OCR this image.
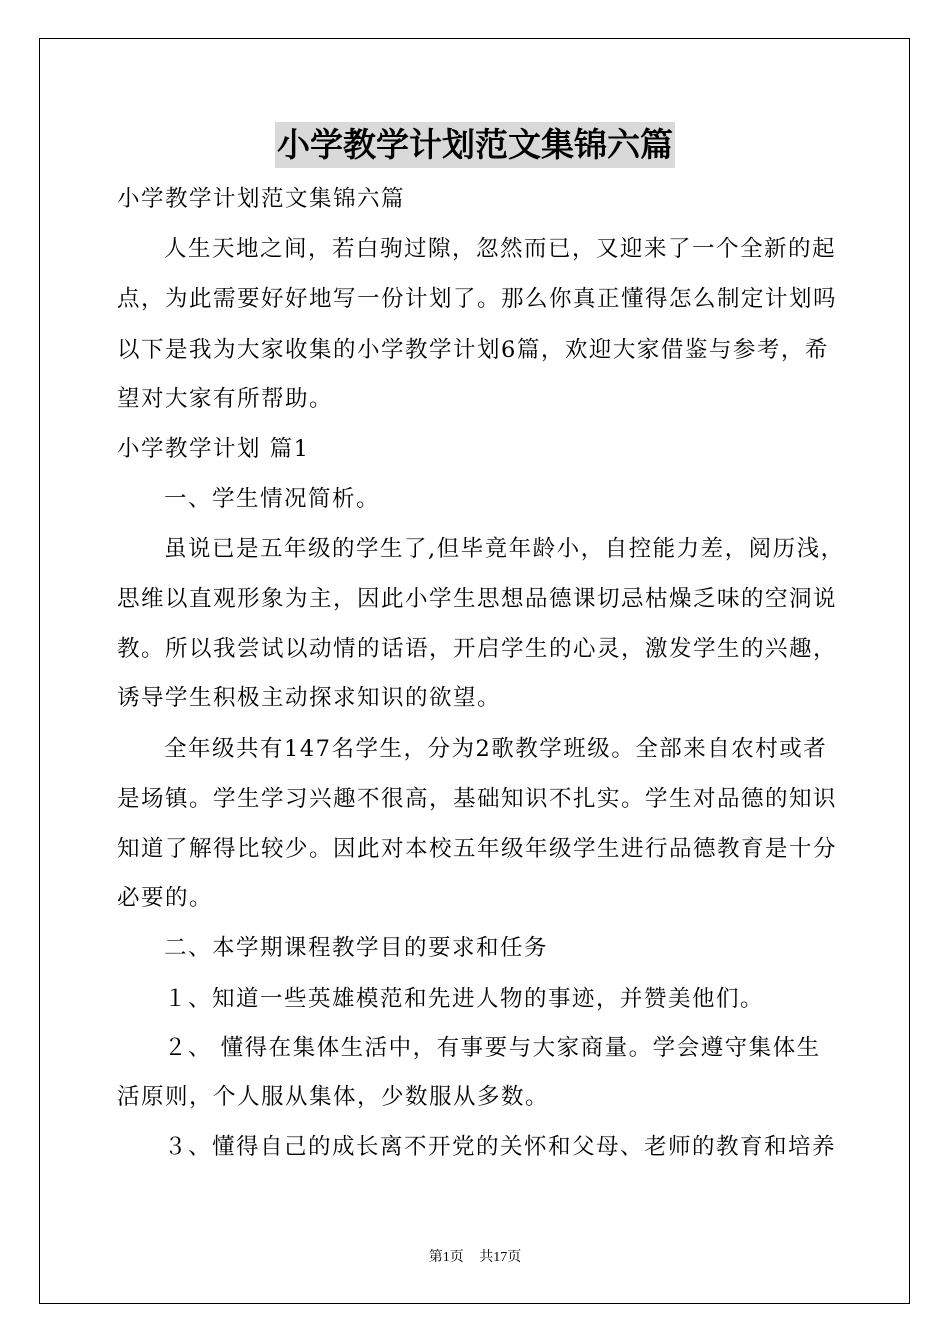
小学教学计划范文集锦六篇
小学教学计划范文集锦六篇
人生天地之间，若白驹过隙，忽然而已，又迎来了一个全新的起
点，为此需要好好地写一份计划了。那么你真正懂得怎么制定计划吗
以下是我为大家收集的小学教学计划6篇，欢迎大家借鉴与参考，希
望对大家有所帮助。
小学教学计划 篇1
一、学生情况简析。
虽说已是五年级的学生了,但毕竟年龄小，自控能力差，阅历浅，
思维以直观形象为主，因此小学生思想品德课切忌枯燥乏味的空洞说
教。所以我尝试以动情的话语，开启学生的心灵，激发学生的兴趣，
诱导学生积极主动探求知识的欲望。
全年级共有147名学生，分为2歌教学班级。全部来自农村或者
是场镇。学生学习兴趣不很高，基础知识不扎实。学生对品德的知识
知道了解得比较少。因此对本校五年级年级学生进行品德教育是十分
必要的。
二、本学期课程教学目的要求和任务
１、知道一些英雄模范和先进人物的事迹，并赞美他们。
２、 懂得在集体生活中，有事要与大家商量。学会遵守集体生
活原则，个人服从集体，少数服从多数。
３、懂得自己的成长离不开党的关怀和父母、老师的教育和培养
第1页 共17页
